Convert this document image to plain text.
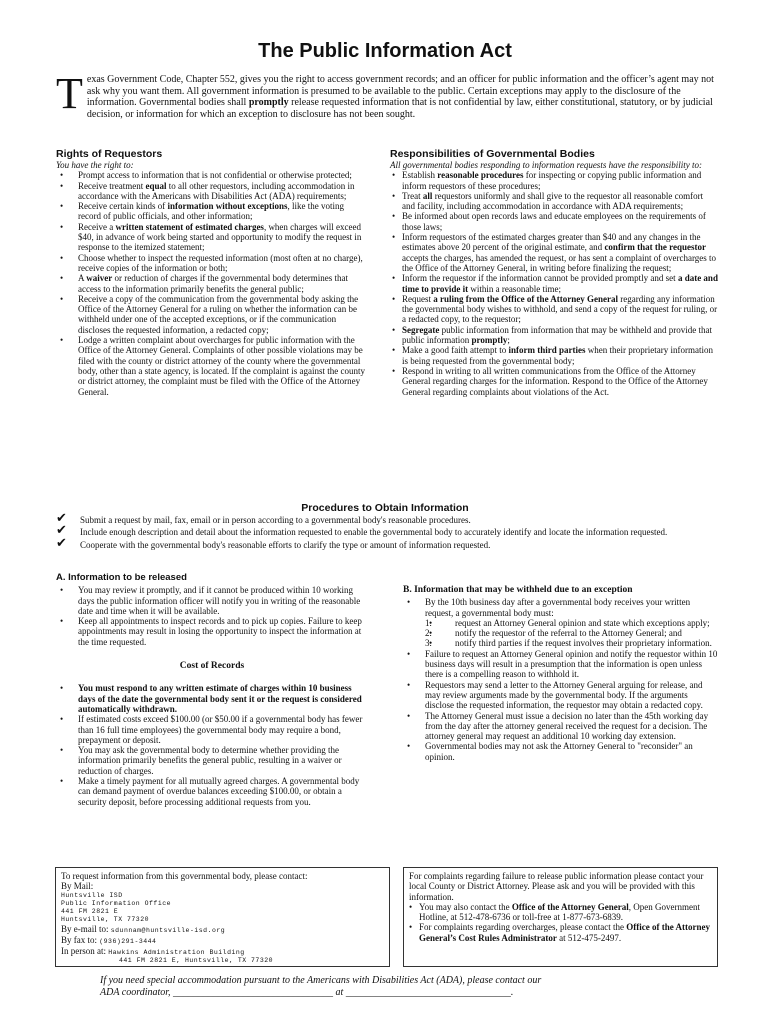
The Public Information Act
Texas Government Code, Chapter 552, gives you the right to access government records; and an officer for public information and the officer’s agent may not ask why you want them. All government information is presumed to be available to the public. Certain exceptions may apply to the disclosure of the information. Governmental bodies shall promptly release requested information that is not confidential by law, either constitutional, statutory, or by judicial decision, or information for which an exception to disclosure has not been sought.
Rights of Requestors

You have the right to:

• Prompt access to information that is not confidential or otherwise protected;
• Receive treatment equal to all other requestors, including accommodation in accordance with the Americans with Disabilities Act (ADA) requirements;
• Receive certain kinds of information without exceptions, like the voting record of public officials, and other information;
• Receive a written statement of estimated charges, when charges will exceed $40, in advance of work being started and opportunity to modify the request in response to the itemized statement;
• Choose whether to inspect the requested information (most often at no charge), receive copies of the information or both;
• A waiver or reduction of charges if the governmental body determines that access to the information primarily benefits the general public;
• Receive a copy of the communication from the governmental body asking the Office of the Attorney General for a ruling on whether the information can be withheld under one of the accepted exceptions, or if the communication discloses the requested information, a redacted copy;
• Lodge a written complaint about overcharges for public information with the Office of the Attorney General. Complaints of other possible violations may be filed with the county or district attorney of the county where the governmental body, other than a state agency, is located. If the complaint is against the county or district attorney, the complaint must be filed with the Office of the Attorney General.
Responsibilities of Governmental Bodies

All governmental bodies responding to information requests have the responsibility to:

• Establish reasonable procedures for inspecting or copying public information and inform requestors of these procedures;
• Treat all requestors uniformly and shall give to the requestor all reasonable comfort and facility, including accommodation in accordance with ADA requirements;
• Be informed about open records laws and educate employees on the requirements of those laws;
• Inform requestors of the estimated charges greater than $40 and any changes in the estimates above 20 percent of the original estimate, and confirm that the requestor accepts the charges, has amended the request, or has sent a complaint of overcharges to the Office of the Attorney General, in writing before finalizing the request;
• Inform the requestor if the information cannot be provided promptly and set a date and time to provide it within a reasonable time;
• Request a ruling from the Office of the Attorney General regarding any information the governmental body wishes to withhold, and send a copy of the request for ruling, or a redacted copy, to the requestor;
• Segregate public information from information that may be withheld and provide that public information promptly;
• Make a good faith attempt to inform third parties when their proprietary information is being requested from the governmental body;
• Respond in writing to all written communications from the Office of the Attorney General regarding charges for the information. Respond to the Office of the Attorney General regarding complaints about violations of the Act.
Procedures to Obtain Information
✔ Submit a request by mail, fax, email or in person according to a governmental body's reasonable procedures.
✔ Include enough description and detail about the information requested to enable the governmental body to accurately identify and locate the information requested.
✔ Cooperate with the governmental body's reasonable efforts to clarify the type or amount of information requested.
A. Information to be released
• You may review it promptly, and if it cannot be produced within 10 working days the public information officer will notify you in writing of the reasonable date and time when it will be available.
• Keep all appointments to inspect records and to pick up copies. Failure to keep appointments may result in losing the opportunity to inspect the information at the time requested.
Cost of Records
• You must respond to any written estimate of charges within 10 business days of the date the governmental body sent it or the request is considered automatically withdrawn.
• If estimated costs exceed $100.00 (or $50.00 if a governmental body has fewer than 16 full time employees) the governmental body may require a bond, prepayment or deposit.
• You may ask the governmental body to determine whether providing the information primarily benefits the general public, resulting in a waiver or reduction of charges.
• Make a timely payment for all mutually agreed charges. A governmental body can demand payment of overdue balances exceeding $100.00, or obtain a security deposit, before processing additional requests from you.
B. Information that may be withheld due to an exception
• By the 10th business day after a governmental body receives your written request, a governmental body must:
• 1.	request an Attorney General opinion and state which exceptions apply;
• 2.	notify the requestor of the referral to the Attorney General; and
• 3.	notify third parties if the request involves their proprietary information.
• Failure to request an Attorney General opinion and notify the requestor within 10 business days will result in a presumption that the information is open unless there is a compelling reason to withhold it.
• Requestors may send a letter to the Attorney General arguing for release, and may review arguments made by the governmental body. If the arguments disclose the requested information, the requestor may obtain a redacted copy.
• The Attorney General must issue a decision no later than the 45th working day from the day after the attorney general received the request for a decision. The attorney general may request an additional 10 working day extension.
• Governmental bodies may not ask the Attorney General to "reconsider" an opinion.
To request information from this governmental body, please contact:
By Mail:
Huntsville ISD
Public Information Office
441 FM 2821 E
Huntsville, TX 77320
By e-mail to: sdunnam@huntsville-isd.org
By fax to: (936)291-3444
In person at: Hawkins Administration Building
441 FM 2821 E, Huntsville, TX 77320
For complaints regarding failure to release public information please contact your local County or District Attorney. Please ask and you will be provided with this information.
• You may also contact the Office of the Attorney General, Open Government Hotline, at 512-478-6736 or toll-free at 1-877-673-6839.
• For complaints regarding overcharges, please contact the Office of the Attorney General’s Cost Rules Administrator at 512-475-2497.
If you need special accommodation pursuant to the Americans with Disabilities Act (ADA), please contact our
ADA coordinator, ________________________________ at _________________________________.
